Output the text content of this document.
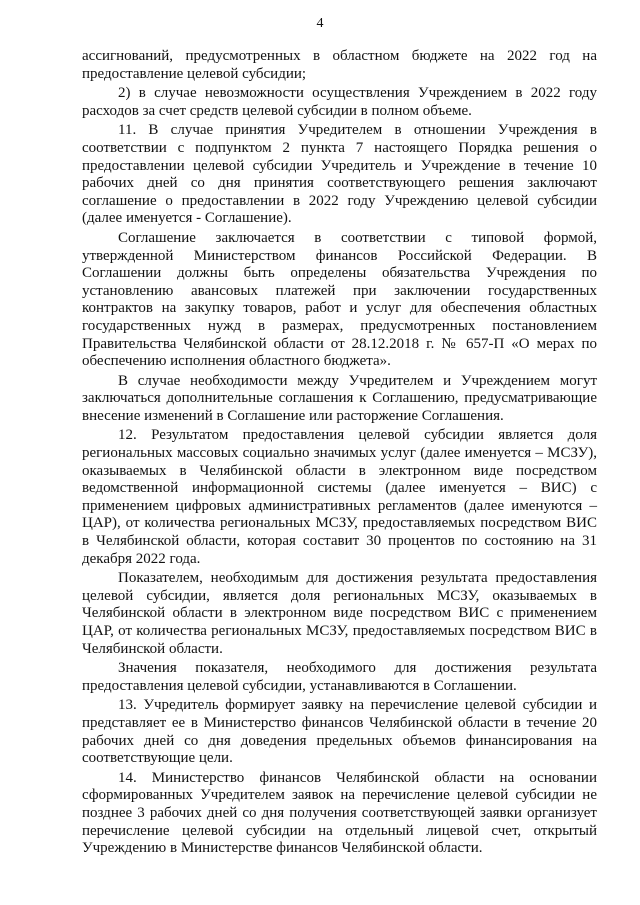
4

ассигнований, предусмотренных в областном бюджете на 2022 год на предоставление целевой субсидии;

2) в случае невозможности осуществления Учреждением в 2022 году расходов за счет средств целевой субсидии в полном объеме.

11. В случае принятия Учредителем в отношении Учреждения в соответствии с подпунктом 2 пункта 7 настоящего Порядка решения о предоставлении целевой субсидии Учредитель и Учреждение в течение 10 рабочих дней со дня принятия соответствующего решения заключают соглашение о предоставлении в 2022 году Учреждению целевой субсидии (далее именуется - Соглашение).

Соглашение заключается в соответствии с типовой формой, утвержденной Министерством финансов Российской Федерации. В Соглашении должны быть определены обязательства Учреждения по установлению авансовых платежей при заключении государственных контрактов на закупку товаров, работ и услуг для обеспечения областных государственных нужд в размерах, предусмотренных постановлением Правительства Челябинской области от 28.12.2018 г. № 657-П «О мерах по обеспечению исполнения областного бюджета».

В случае необходимости между Учредителем и Учреждением могут заключаться дополнительные соглашения к Соглашению, предусматривающие внесение изменений в Соглашение или расторжение Соглашения.

12. Результатом предоставления целевой субсидии является доля региональных массовых социально значимых услуг (далее именуется – МСЗУ), оказываемых в Челябинской области в электронном виде посредством ведомственной информационной системы (далее именуется – ВИС) с применением цифровых административных регламентов (далее именуются – ЦАР), от количества региональных МСЗУ, предоставляемых посредством ВИС в Челябинской области, которая составит 30 процентов по состоянию на 31 декабря 2022 года.

Показателем, необходимым для достижения результата предоставления целевой субсидии, является доля региональных МСЗУ, оказываемых в Челябинской области в электронном виде посредством ВИС с применением ЦАР, от количества региональных МСЗУ, предоставляемых посредством ВИС в Челябинской области.

Значения показателя, необходимого для достижения результата предоставления целевой субсидии, устанавливаются в Соглашении.

13. Учредитель формирует заявку на перечисление целевой субсидии и представляет ее в Министерство финансов Челябинской области в течение 20 рабочих дней со дня доведения предельных объемов финансирования на соответствующие цели.

14. Министерство финансов Челябинской области на основании сформированных Учредителем заявок на перечисление целевой субсидии не позднее 3 рабочих дней со дня получения соответствующей заявки организует перечисление целевой субсидии на отдельный лицевой счет, открытый Учреждению в Министерстве финансов Челябинской области.
